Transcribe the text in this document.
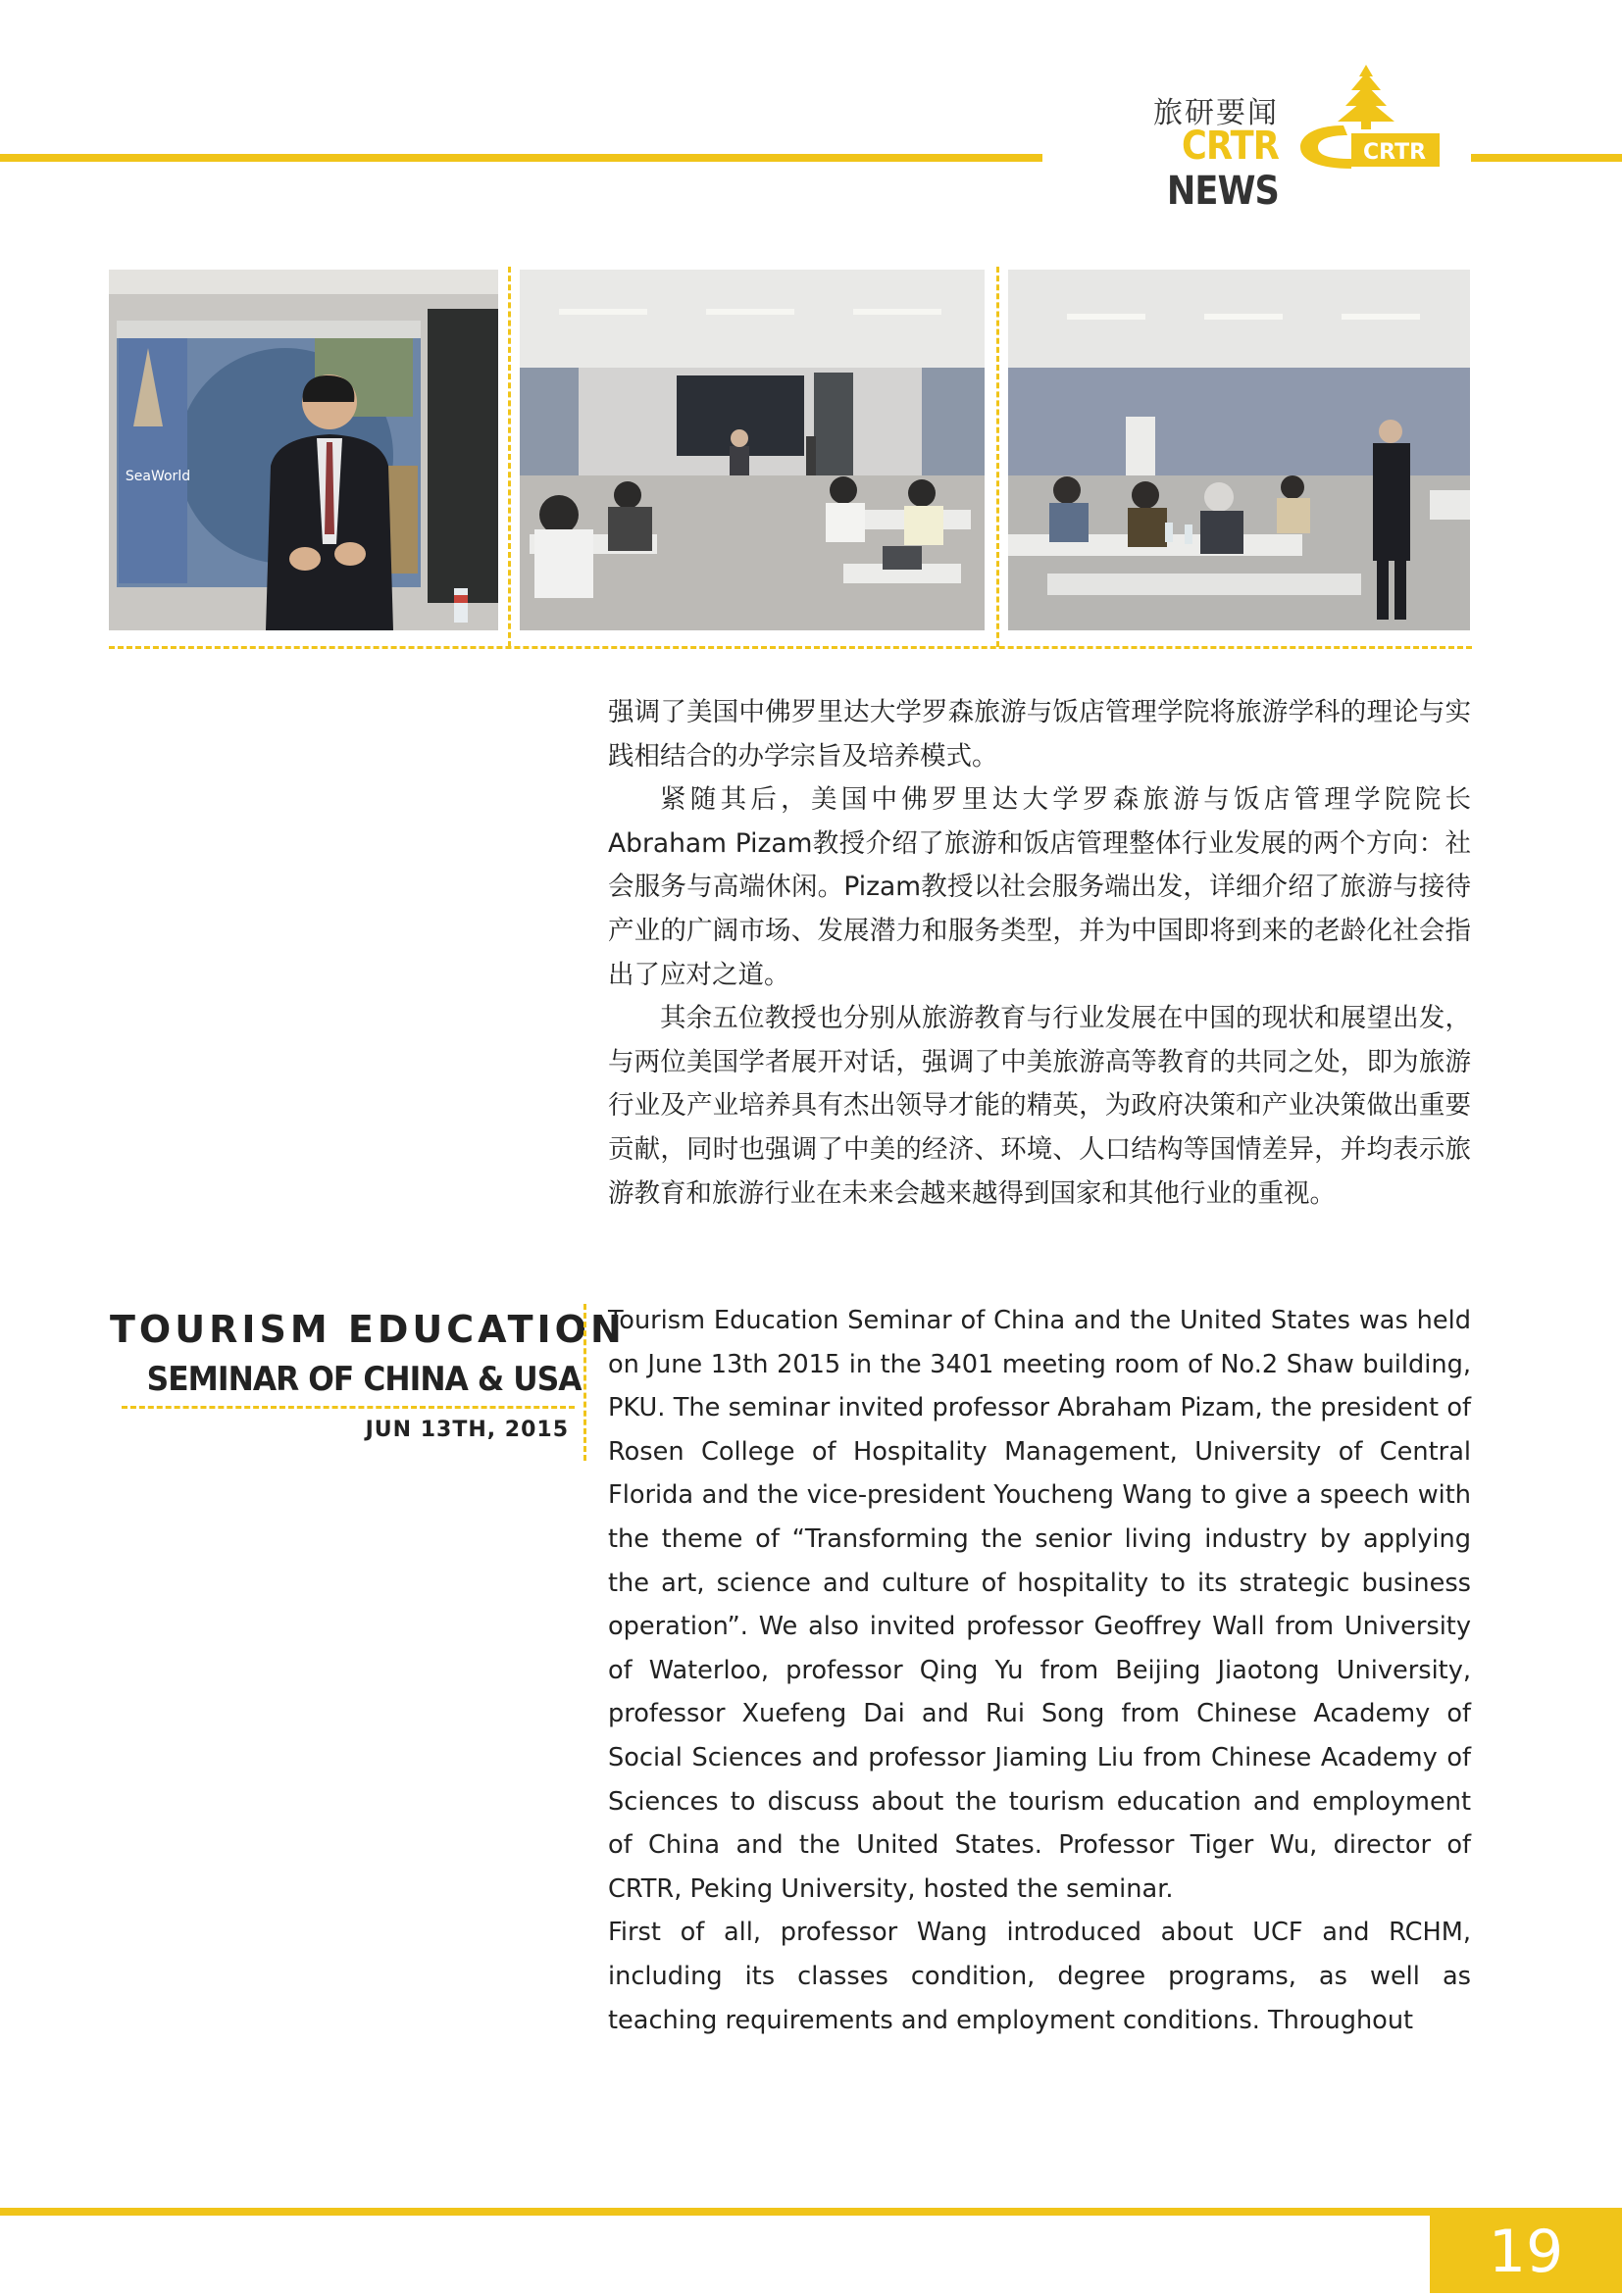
旅研要闻
CRTR NEWS
CRTR
SeaWorld

强调了美国中佛罗里达大学罗森旅游与饭店管理学院将旅游学科的理论与实践相结合的办学宗旨及培养模式。

紧随其后，美国中佛罗里达大学罗森旅游与饭店管理学院院长Abraham Pizam教授介绍了旅游和饭店管理整体行业发展的两个方向：社会服务与高端休闲。Pizam教授以社会服务端出发，详细介绍了旅游与接待产业的广阔市场、发展潜力和服务类型，并为中国即将到来的老龄化社会指出了应对之道。

其余五位教授也分别从旅游教育与行业发展在中国的现状和展望出发，与两位美国学者展开对话，强调了中美旅游高等教育的共同之处，即为旅游行业及产业培养具有杰出领导才能的精英，为政府决策和产业决策做出重要贡献，同时也强调了中美的经济、环境、人口结构等国情差异，并均表示旅游教育和旅游行业在未来会越来越得到国家和其他行业的重视。

TOURISM EDUCATION
SEMINAR OF CHINA & USA
JUN 13TH, 2015

Tourism Education Seminar of China and the United States was held on June 13th 2015 in the 3401 meeting room of No.2 Shaw building, PKU. The seminar invited professor Abraham Pizam, the president of Rosen College of Hospitality Management, University of Central Florida and the vice-president Youcheng Wang to give a speech with the theme of “Transforming the senior living industry by applying the art, science and culture of hospitality to its strategic business operation”. We also invited professor Geoffrey Wall from University of Waterloo, professor Qing Yu from Beijing Jiaotong University, professor Xuefeng Dai and Rui Song from Chinese Academy of Social Sciences and professor Jiaming Liu from Chinese Academy of Sciences to discuss about the tourism education and employment of China and the United States. Professor Tiger Wu, director of CRTR, Peking University, hosted the seminar.

First of all, professor Wang introduced about UCF and RCHM, including its classes condition, degree programs, as well as teaching requirements and employment conditions. Throughout

19
